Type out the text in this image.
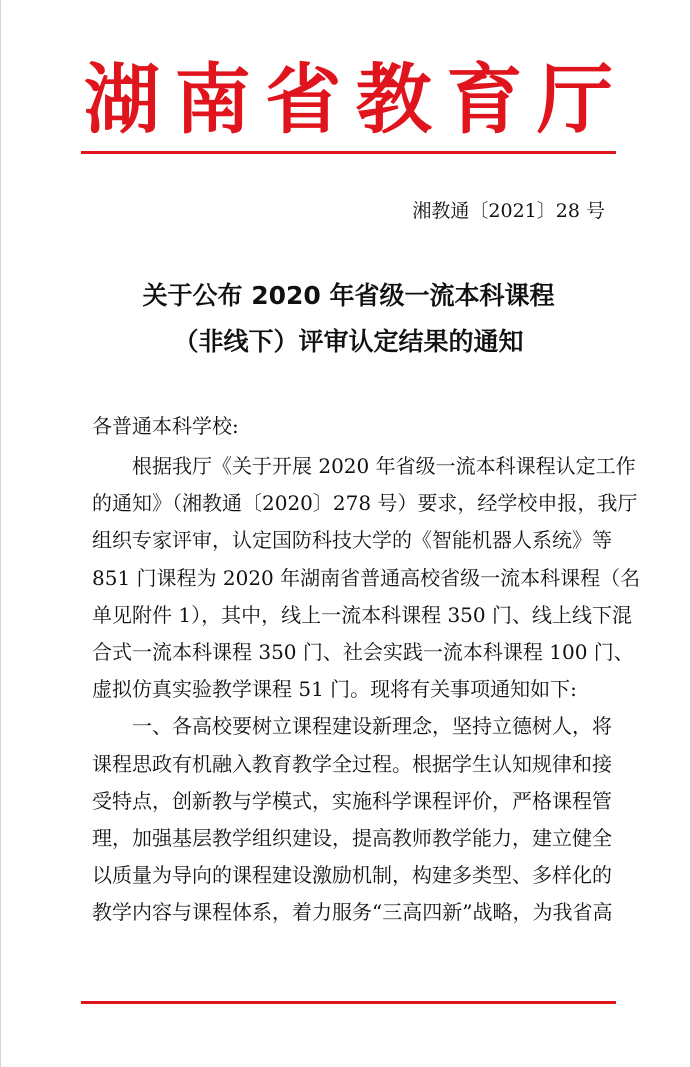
湖 南 省 教 育 厅
湘教通〔2021〕28 号
关于公布 2020 年省级一流本科课程
（非线下）评审认定结果的通知
各普通本科学校:
根据我厅《关于开展 2020 年省级一流本科课程认定工作
的通知》（湘教通〔2020〕278 号）要求，经学校申报，我厅
组织专家评审，认定国防科技大学的《智能机器人系统》等
851 门课程为 2020 年湖南省普通高校省级一流本科课程（名
单见附件 1），其中，线上一流本科课程 350 门、线上线下混
合式一流本科课程 350 门、社会实践一流本科课程 100 门、
虚拟仿真实验教学课程 51 门。现将有关事项通知如下:
一、各高校要树立课程建设新理念，坚持立德树人，将
课程思政有机融入教育教学全过程。根据学生认知规律和接
受特点，创新教与学模式，实施科学课程评价，严格课程管
理，加强基层教学组织建设，提高教师教学能力，建立健全
以质量为导向的课程建设激励机制，构建多类型、多样化的
教学内容与课程体系，着力服务“三高四新”战略，为我省高
